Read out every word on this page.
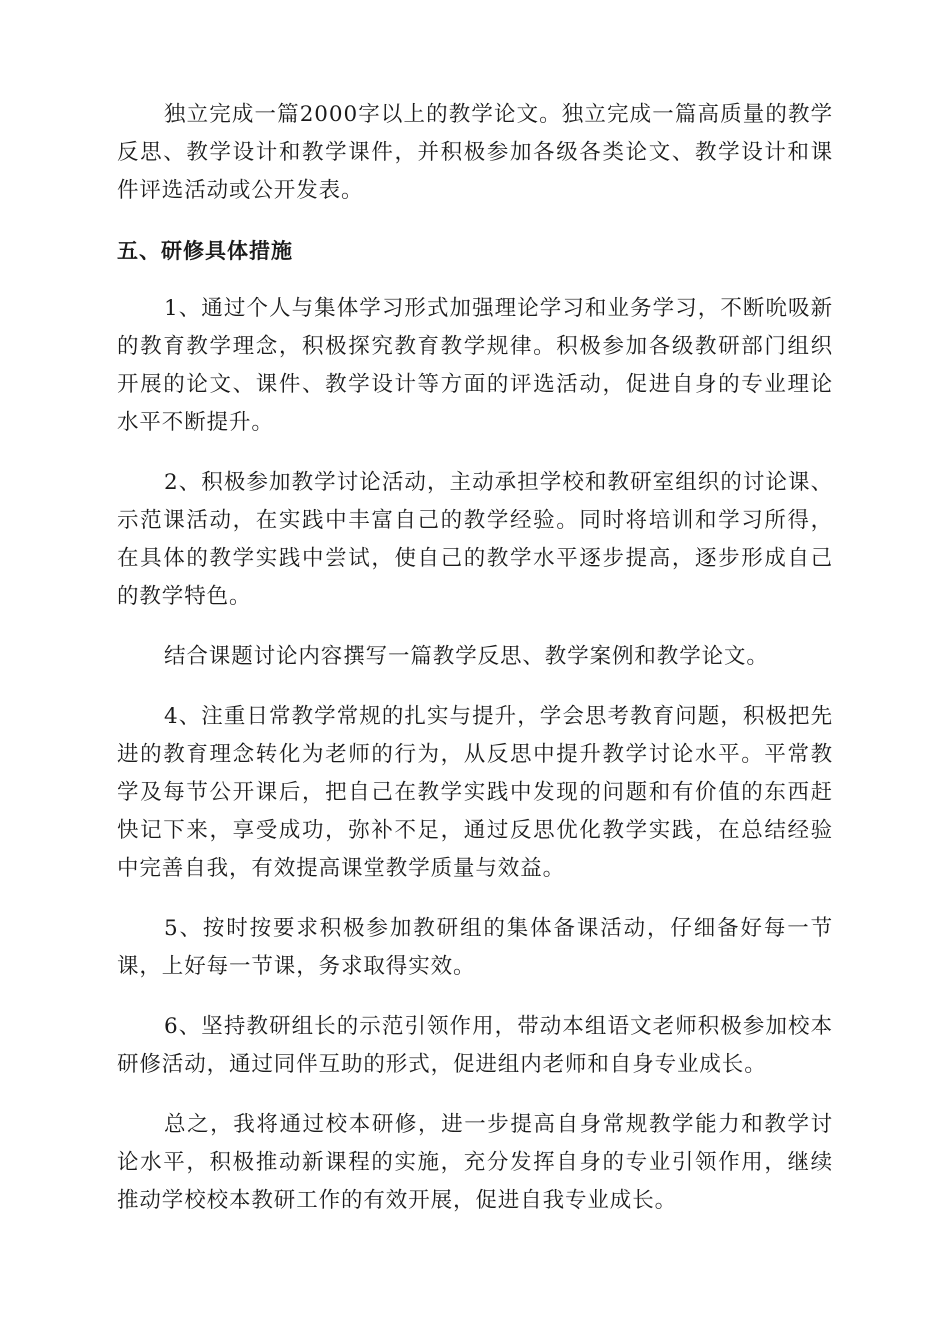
独立完成一篇2000字以上的教学论文。独立完成一篇高质量的教学反思、教学设计和教学课件，并积极参加各级各类论文、教学设计和课件评选活动或公开发表。

五、研修具体措施

1、通过个人与集体学习形式加强理论学习和业务学习，不断吮吸新的教育教学理念，积极探究教育教学规律。积极参加各级教研部门组织开展的论文、课件、教学设计等方面的评选活动，促进自身的专业理论水平不断提升。

2、积极参加教学讨论活动，主动承担学校和教研室组织的讨论课、示范课活动，在实践中丰富自己的教学经验。同时将培训和学习所得，在具体的教学实践中尝试，使自己的教学水平逐步提高，逐步形成自己的教学特色。

结合课题讨论内容撰写一篇教学反思、教学案例和教学论文。

4、注重日常教学常规的扎实与提升，学会思考教育问题，积极把先进的教育理念转化为老师的行为，从反思中提升教学讨论水平。平常教学及每节公开课后，把自己在教学实践中发现的问题和有价值的东西赶快记下来，享受成功，弥补不足，通过反思优化教学实践，在总结经验中完善自我，有效提高课堂教学质量与效益。

5、按时按要求积极参加教研组的集体备课活动，仔细备好每一节课，上好每一节课，务求取得实效。

6、坚持教研组长的示范引领作用，带动本组语文老师积极参加校本研修活动，通过同伴互助的形式，促进组内老师和自身专业成长。

总之，我将通过校本研修，进一步提高自身常规教学能力和教学讨论水平，积极推动新课程的实施，充分发挥自身的专业引领作用，继续推动学校校本教研工作的有效开展，促进自我专业成长。
